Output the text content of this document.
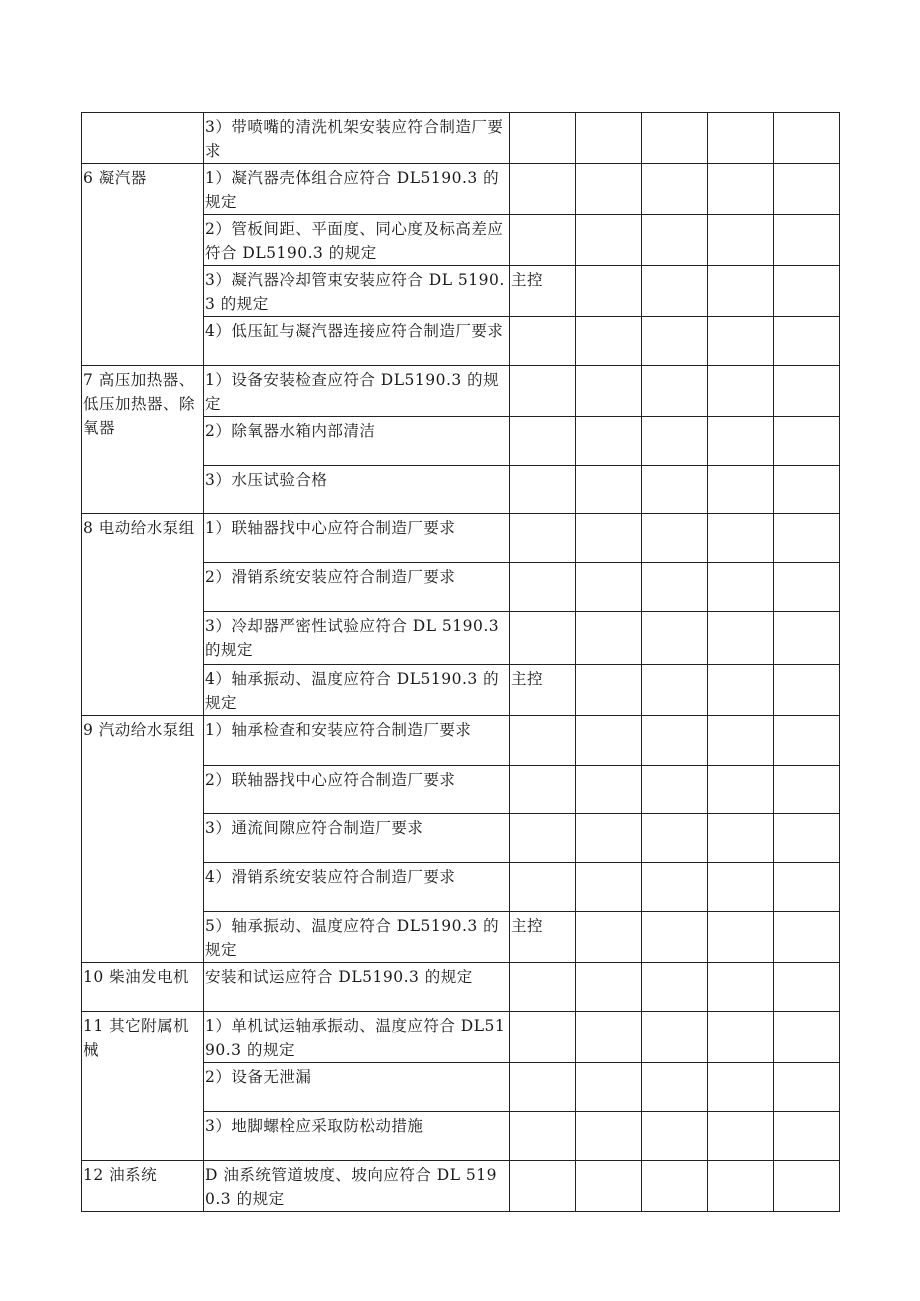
	3）带喷嘴的清洗机架安装应符合制造厂要求					
6 凝汽器	1）凝汽器壳体组合应符合 DL5190.3 的规定					
	2）管板间距、平面度、同心度及标高差应符合 DL5190.3 的规定					
	3）凝汽器冷却管束安装应符合 DL 5190.3 的规定	主控				
	4）低压缸与凝汽器连接应符合制造厂要求					
7 高压加热器、低压加热器、除氧器	1）设备安装检查应符合 DL5190.3 的规定					
	2）除氧器水箱内部清洁					
	3）水压试验合格					
8 电动给水泵组	1）联轴器找中心应符合制造厂要求					
	2）滑销系统安装应符合制造厂要求					
	3）冷却器严密性试验应符合 DL 5190.3 的规定					
	4）轴承振动、温度应符合 DL5190.3 的规定	主控				
9 汽动给水泵组	1）轴承检查和安装应符合制造厂要求					
	2）联轴器找中心应符合制造厂要求					
	3）通流间隙应符合制造厂要求					
	4）滑销系统安装应符合制造厂要求					
	5）轴承振动、温度应符合 DL5190.3 的规定	主控				
10 柴油发电机	安装和试运应符合 DL5190.3 的规定					
11 其它附属机械	1）单机试运轴承振动、温度应符合 DL5190.3 的规定					
	2）设备无泄漏					
	3）地脚螺栓应采取防松动措施					
12 油系统	D 油系统管道坡度、坡向应符合 DL 5190.3 的规定					
